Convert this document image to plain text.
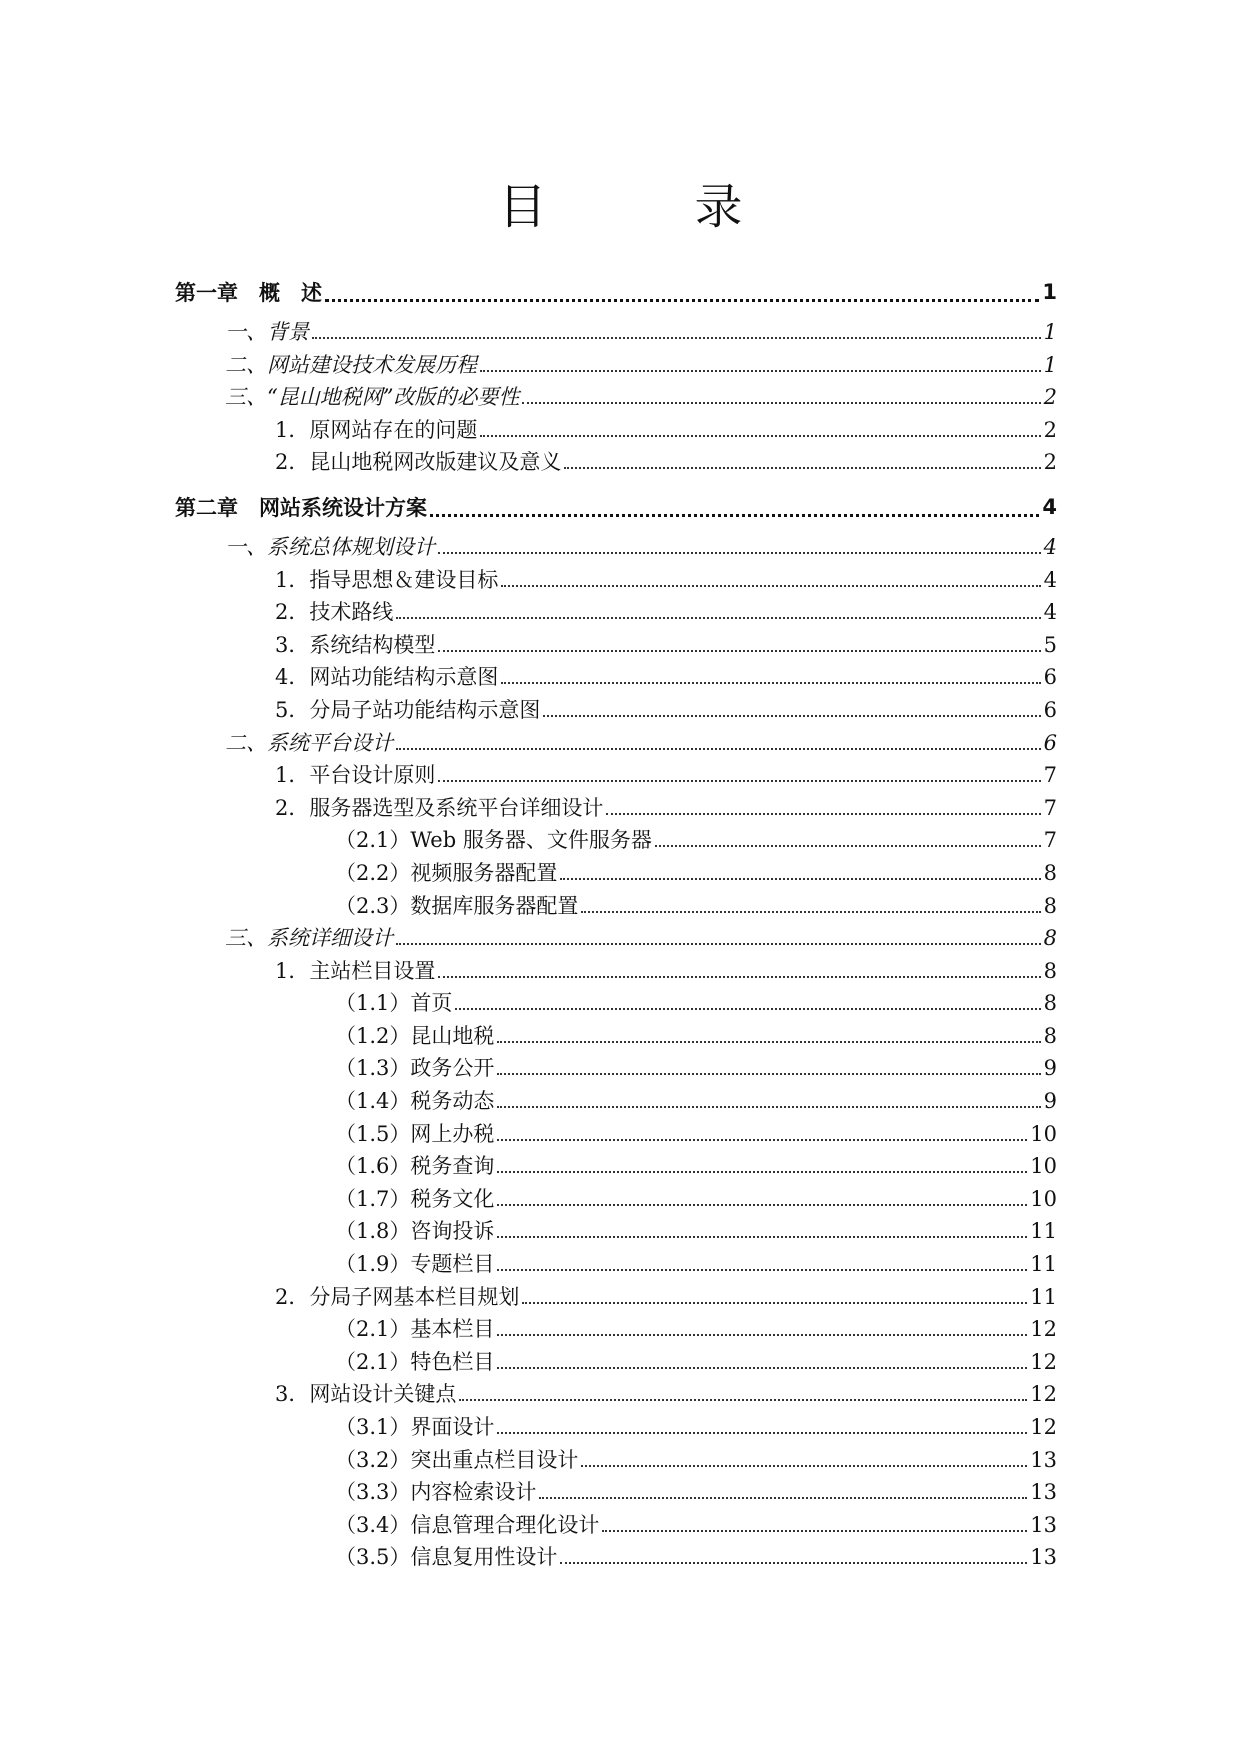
目　录
第一章　概　述	1
一、背景	1
二、网站建设技术发展历程	1
三、“昆山地税网”改版的必要性	2
1．原网站存在的问题	2
2．昆山地税网改版建议及意义	2
第二章　网站系统设计方案	4
一、系统总体规划设计	4
1．指导思想＆建设目标	4
2．技术路线	4
3．系统结构模型	5
4．网站功能结构示意图	6
5．分局子站功能结构示意图	6
二、系统平台设计	6
1．平台设计原则	7
2．服务器选型及系统平台详细设计	7
（2.1）Web 服务器、文件服务器	7
（2.2）视频服务器配置	8
（2.3）数据库服务器配置	8
三、系统详细设计	8
1．主站栏目设置	8
（1.1）首页	8
（1.2）昆山地税	8
（1.3）政务公开	9
（1.4）税务动态	9
（1.5）网上办税	10
（1.6）税务查询	10
（1.7）税务文化	10
（1.8）咨询投诉	11
（1.9）专题栏目	11
2．分局子网基本栏目规划	11
（2.1）基本栏目	12
（2.1）特色栏目	12
3．网站设计关键点	12
（3.1）界面设计	12
（3.2）突出重点栏目设计	13
（3.3）内容检索设计	13
（3.4）信息管理合理化设计	13
（3.5）信息复用性设计	13
